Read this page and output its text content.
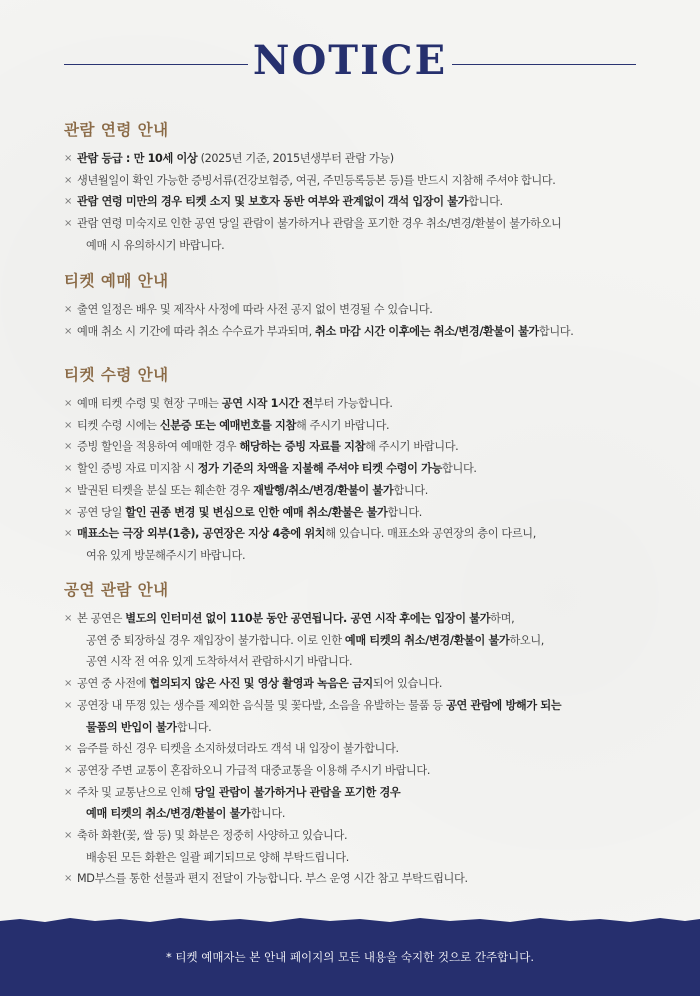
NOTICE
관람 연령 안내
× 관람 등급 : 만 10세 이상 (2025년 기준, 2015년생부터 관람 가능)
× 생년월일이 확인 가능한 증빙서류(건강보험증, 여권, 주민등록등본 등)를 반드시 지참해 주셔야 합니다.
× 관람 연령 미만의 경우 티켓 소지 및 보호자 동반 여부와 관계없이 객석 입장이 불가합니다.
× 관람 연령 미숙지로 인한 공연 당일 관람이 불가하거나 관람을 포기한 경우 취소/변경/환불이 불가하오니
예매 시 유의하시기 바랍니다.
티켓 예매 안내
× 출연 일정은 배우 및 제작사 사정에 따라 사전 공지 없이 변경될 수 있습니다.
× 예매 취소 시 기간에 따라 취소 수수료가 부과되며, 취소 마감 시간 이후에는 취소/변경/환불이 불가합니다.
티켓 수령 안내
× 예매 티켓 수령 및 현장 구매는 공연 시작 1시간 전부터 가능합니다.
× 티켓 수령 시에는 신분증 또는 예매번호를 지참해 주시기 바랍니다.
× 증빙 할인을 적용하여 예매한 경우 해당하는 증빙 자료를 지참해 주시기 바랍니다.
× 할인 증빙 자료 미지참 시 정가 기준의 차액을 지불해 주셔야 티켓 수령이 가능합니다.
× 발권된 티켓을 분실 또는 훼손한 경우 재발행/취소/변경/환불이 불가합니다.
× 공연 당일 할인 권종 변경 및 변심으로 인한 예매 취소/환불은 불가합니다.
× 매표소는 극장 외부(1층), 공연장은 지상 4층에 위치해 있습니다. 매표소와 공연장의 층이 다르니,
여유 있게 방문해주시기 바랍니다.
공연 관람 안내
× 본 공연은 별도의 인터미션 없이 110분 동안 공연됩니다. 공연 시작 후에는 입장이 불가하며,
공연 중 퇴장하실 경우 재입장이 불가합니다. 이로 인한 예매 티켓의 취소/변경/환불이 불가하오니,
공연 시작 전 여유 있게 도착하셔서 관람하시기 바랍니다.
× 공연 중 사전에 협의되지 않은 사진 및 영상 촬영과 녹음은 금지되어 있습니다.
× 공연장 내 뚜껑 있는 생수를 제외한 음식물 및 꽃다발, 소음을 유발하는 물품 등 공연 관람에 방해가 되는
물품의 반입이 불가합니다.
× 음주를 하신 경우 티켓을 소지하셨더라도 객석 내 입장이 불가합니다.
× 공연장 주변 교통이 혼잡하오니 가급적 대중교통을 이용해 주시기 바랍니다.
× 주차 및 교통난으로 인해 당일 관람이 불가하거나 관람을 포기한 경우
예매 티켓의 취소/변경/환불이 불가합니다.
× 축하 화환(꽃, 쌀 등) 및 화분은 정중히 사양하고 있습니다.
배송된 모든 화환은 일괄 폐기되므로 양해 부탁드립니다.
× MD부스를 통한 선물과 편지 전달이 가능합니다. 부스 운영 시간 참고 부탁드립니다.
* 티켓 예매자는 본 안내 페이지의 모든 내용을 숙지한 것으로 간주합니다.
